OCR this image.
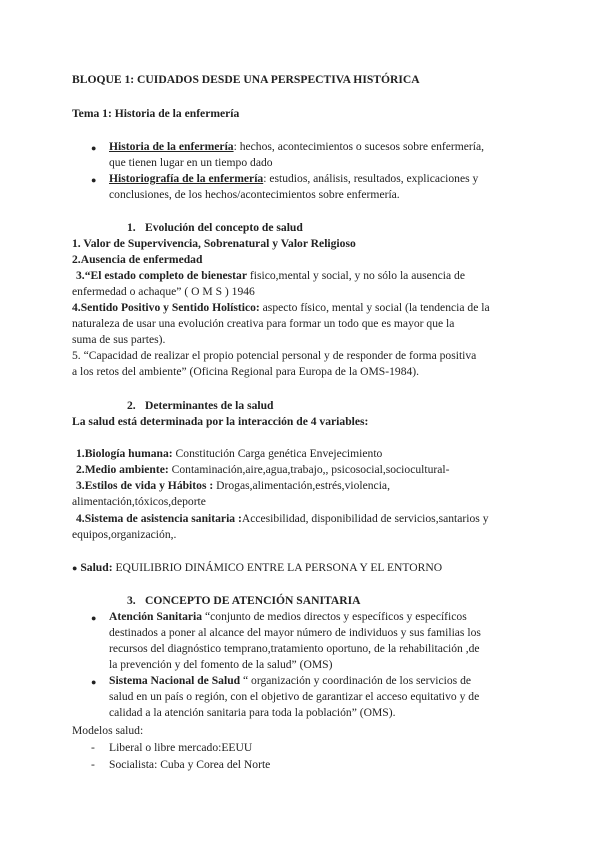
BLOQUE 1: CUIDADOS DESDE UNA PERSPECTIVA HISTÓRICA
Tema 1: Historia de la enfermería
● Historia de la enfermería: hechos, acontecimientos o sucesos sobre enfermería,
que tienen lugar en un tiempo dado
● Historiografía de la enfermería: estudios, análisis, resultados, explicaciones y
conclusiones, de los hechos/acontecimientos sobre enfermería.
1. Evolución del concepto de salud
1. Valor de Supervivencia, Sobrenatural y Valor Religioso
2.Ausencia de enfermedad
3.“El estado completo de bienestar fisico,mental y social, y no sólo la ausencia de
enfermedad o achaque” ( O M S ) 1946
4.Sentido Positivo y Sentido Holístico: aspecto físico, mental y social (la tendencia de la
naturaleza de usar una evolución creativa para formar un todo que es mayor que la
suma de sus partes).
5. “Capacidad de realizar el propio potencial personal y de responder de forma positiva
a los retos del ambiente” (Oficina Regional para Europa de la OMS-1984).
2. Determinantes de la salud
La salud está determinada por la interacción de 4 variables:
1.Biología humana: Constitución Carga genética Envejecimiento
2.Medio ambiente: Contaminación,aire,agua,trabajo,, psicosocial,sociocultural-
3.Estilos de vida y Hábitos : Drogas,alimentación,estrés,violencia,
alimentación,tóxicos,deporte
4.Sistema de asistencia sanitaria :Accesibilidad, disponibilidad de servicios,santarios y
equipos,organización,.
● Salud: EQUILIBRIO DINÁMICO ENTRE LA PERSONA Y EL ENTORNO
3. CONCEPTO DE ATENCIÓN SANITARIA
● Atención Sanitaria “conjunto de medios directos y específicos y específicos
destinados a poner al alcance del mayor número de individuos y sus familias los
recursos del diagnóstico temprano,tratamiento oportuno, de la rehabilitación ,de
la prevención y del fomento de la salud” (OMS)
● Sistema Nacional de Salud “ organización y coordinación de los servicios de
salud en un país o región, con el objetivo de garantizar el acceso equitativo y de
calidad a la atención sanitaria para toda la población” (OMS).
Modelos salud:
- Liberal o libre mercado:EEUU
- Socialista: Cuba y Corea del Norte
